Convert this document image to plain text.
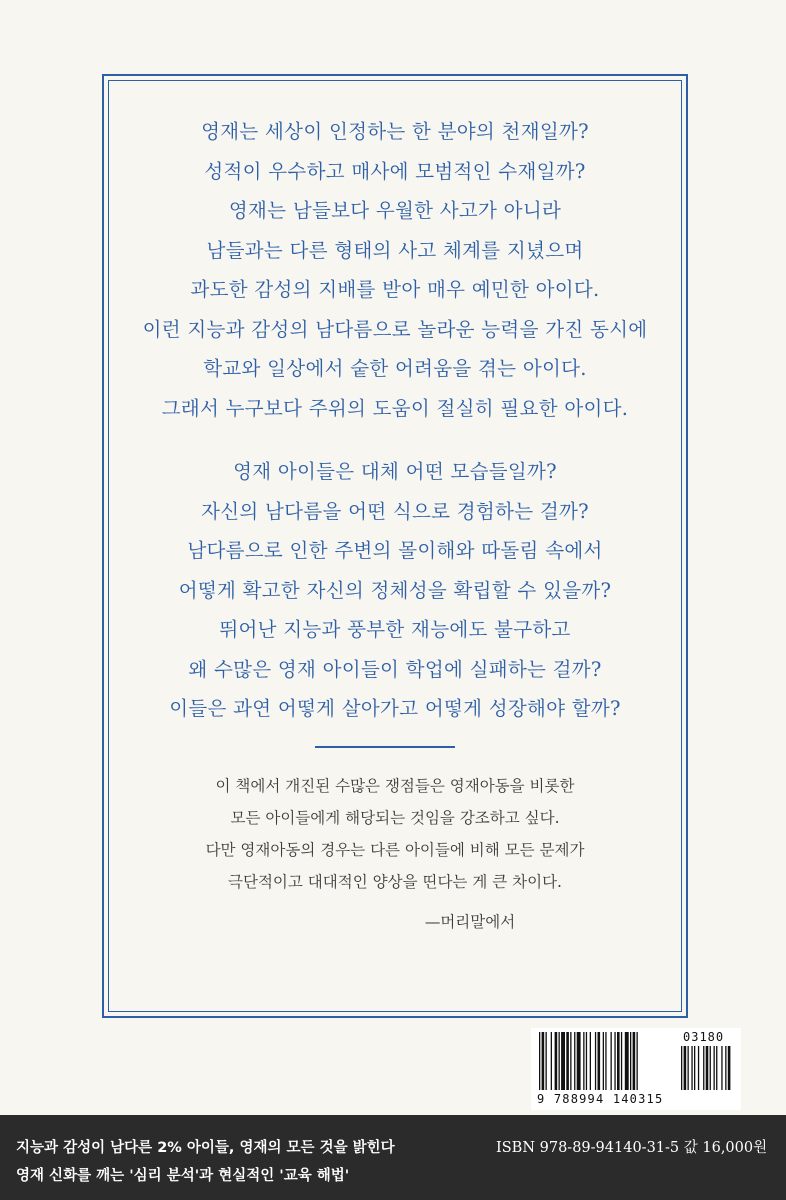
영재는 세상이 인정하는 한 분야의 천재일까?
성적이 우수하고 매사에 모범적인 수재일까?
영재는 남들보다 우월한 사고가 아니라
남들과는 다른 형태의 사고 체계를 지녔으며
과도한 감성의 지배를 받아 매우 예민한 아이다.
이런 지능과 감성의 남다름으로 놀라운 능력을 가진 동시에
학교와 일상에서 숱한 어려움을 겪는 아이다.
그래서 누구보다 주위의 도움이 절실히 필요한 아이다.
영재 아이들은 대체 어떤 모습들일까?
자신의 남다름을 어떤 식으로 경험하는 걸까?
남다름으로 인한 주변의 몰이해와 따돌림 속에서
어떻게 확고한 자신의 정체성을 확립할 수 있을까?
뛰어난 지능과 풍부한 재능에도 불구하고
왜 수많은 영재 아이들이 학업에 실패하는 걸까?
이들은 과연 어떻게 살아가고 어떻게 성장해야 할까?
이 책에서 개진된 수많은 쟁점들은 영재아동을 비롯한
모든 아이들에게 해당되는 것임을 강조하고 싶다.
다만 영재아동의 경우는 다른 아이들에 비해 모든 문제가
극단적이고 대대적인 양상을 띤다는 게 큰 차이다.
—머리말에서
03180
9 788994 140315
지능과 감성이 남다른 2% 아이들, 영재의 모든 것을 밝힌다
영재 신화를 깨는 '심리 분석'과 현실적인 '교육 해법'
ISBN 978-89-94140-31-5 값 16,000원
